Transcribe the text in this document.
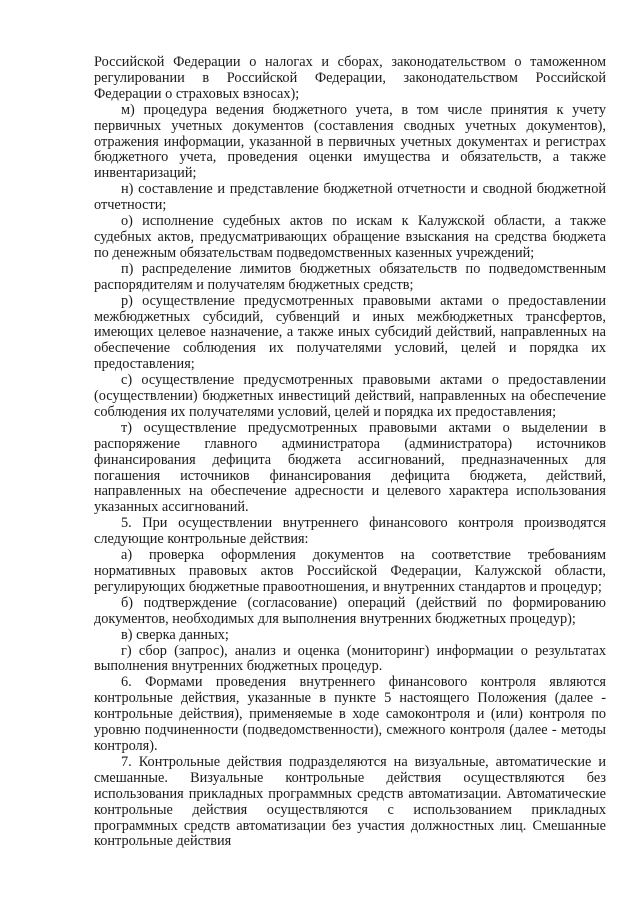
Российской Федерации о налогах и сборах, законодательством о таможенном регулировании в Российской Федерации, законодательством Российской Федерации о страховых взносах);

м) процедура ведения бюджетного учета, в том числе принятия к учету первичных учетных документов (составления сводных учетных документов), отражения информации, указанной в первичных учетных документах и регистрах бюджетного учета, проведения оценки имущества и обязательств, а также инвентаризаций;

н) составление и представление бюджетной отчетности и сводной бюджетной отчетности;

о) исполнение судебных актов по искам к Калужской области, а также судебных актов, предусматривающих обращение взыскания на средства бюджета по денежным обязательствам подведомственных казенных учреждений;

п) распределение лимитов бюджетных обязательств по подведомственным распорядителям и получателям бюджетных средств;

р) осуществление предусмотренных правовыми актами о предоставлении межбюджетных субсидий, субвенций и иных межбюджетных трансфертов, имеющих целевое назначение, а также иных субсидий действий, направленных на обеспечение соблюдения их получателями условий, целей и порядка их предоставления;

с) осуществление предусмотренных правовыми актами о предоставлении (осуществлении) бюджетных инвестиций действий, направленных на обеспечение соблюдения их получателями условий, целей и порядка их предоставления;

т) осуществление предусмотренных правовыми актами о выделении в распоряжение главного администратора (администратора) источников финансирования дефицита бюджета ассигнований, предназначенных для погашения источников финансирования дефицита бюджета, действий, направленных на обеспечение адресности и целевого характера использования указанных ассигнований.

5. При осуществлении внутреннего финансового контроля производятся следующие контрольные действия:

а) проверка оформления документов на соответствие требованиям нормативных правовых актов Российской Федерации, Калужской области, регулирующих бюджетные правоотношения, и внутренних стандартов и процедур;

б) подтверждение (согласование) операций (действий по формированию документов, необходимых для выполнения внутренних бюджетных процедур);

в) сверка данных;

г) сбор (запрос), анализ и оценка (мониторинг) информации о результатах выполнения внутренних бюджетных процедур.

6. Формами проведения внутреннего финансового контроля являются контрольные действия, указанные в пункте 5 настоящего Положения (далее - контрольные действия), применяемые в ходе самоконтроля и (или) контроля по уровню подчиненности (подведомственности), смежного контроля (далее - методы контроля).

7. Контрольные действия подразделяются на визуальные, автоматические и смешанные. Визуальные контрольные действия осуществляются без использования прикладных программных средств автоматизации. Автоматические контрольные действия осуществляются с использованием прикладных программных средств автоматизации без участия должностных лиц. Смешанные контрольные действия
